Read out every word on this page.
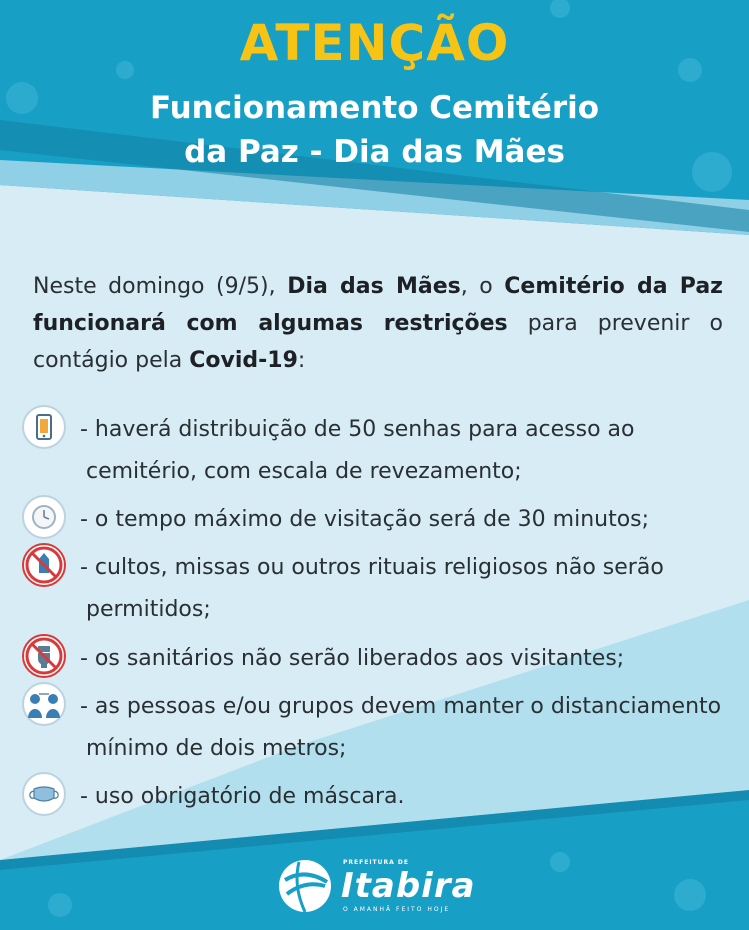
ATENÇÃO
Funcionamento Cemitério
da Paz - Dia das Mães
Neste domingo (9/5), Dia das Mães, o Cemitério da Paz funcionará com algumas restrições para prevenir o contágio pela Covid-19:
- haverá distribuição de 50 senhas para acesso ao
cemitério, com escala de revezamento;
- o tempo máximo de visitação será de 30 minutos;
- cultos, missas ou outros rituais religiosos não serão
permitidos;
- os sanitários não serão liberados aos visitantes;
- as pessoas e/ou grupos devem manter o distanciamento
mínimo de dois metros;
- uso obrigatório de máscara.
PREFEITURA DE
Itabira
O AMANHÃ FEITO HOJE
